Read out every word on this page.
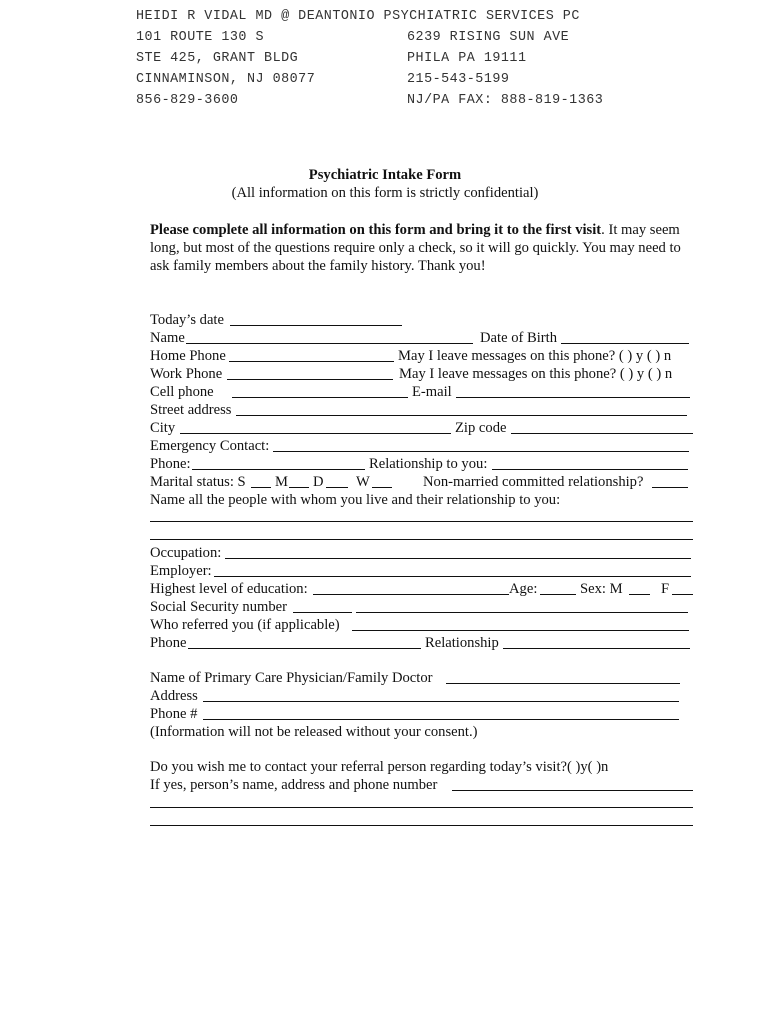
HEIDI R VIDAL MD @ DEANTONIO PSYCHIATRIC SERVICES PC
101 ROUTE 130 S
STE 425, GRANT BLDG
CINNAMINSON, NJ 08077
856-829-3600
6239 RISING SUN AVE
PHILA PA 19111
215-543-5199
NJ/PA FAX: 888-819-1363
Psychiatric Intake Form
(All information on this form is strictly confidential)
Please complete all information on this form and bring it to the first visit. It may seem long, but most of the questions require only a check, so it will go quickly. You may need to ask family members about the family history. Thank you!
Today’s date
Name	Date of Birth
Home Phone	May I leave messages on this phone? ( ) y ( ) n
Work Phone	May I leave messages on this phone? ( ) y ( ) n
Cell phone	E-mail
Street address
City	Zip code
Emergency Contact:
Phone:	Relationship to you:
Marital status: S M D W	Non-married committed relationship?
Name all the people with whom you live and their relationship to you:
Occupation:
Employer:
Highest level of education:	Age:	Sex: M	F
Social Security number
Who referred you (if applicable)
Phone	Relationship
Name of Primary Care Physician/Family Doctor
Address
Phone #
(Information will not be released without your consent.)
Do you wish me to contact your referral person regarding today’s visit?( )y( )n
If yes, person’s name, address and phone number
